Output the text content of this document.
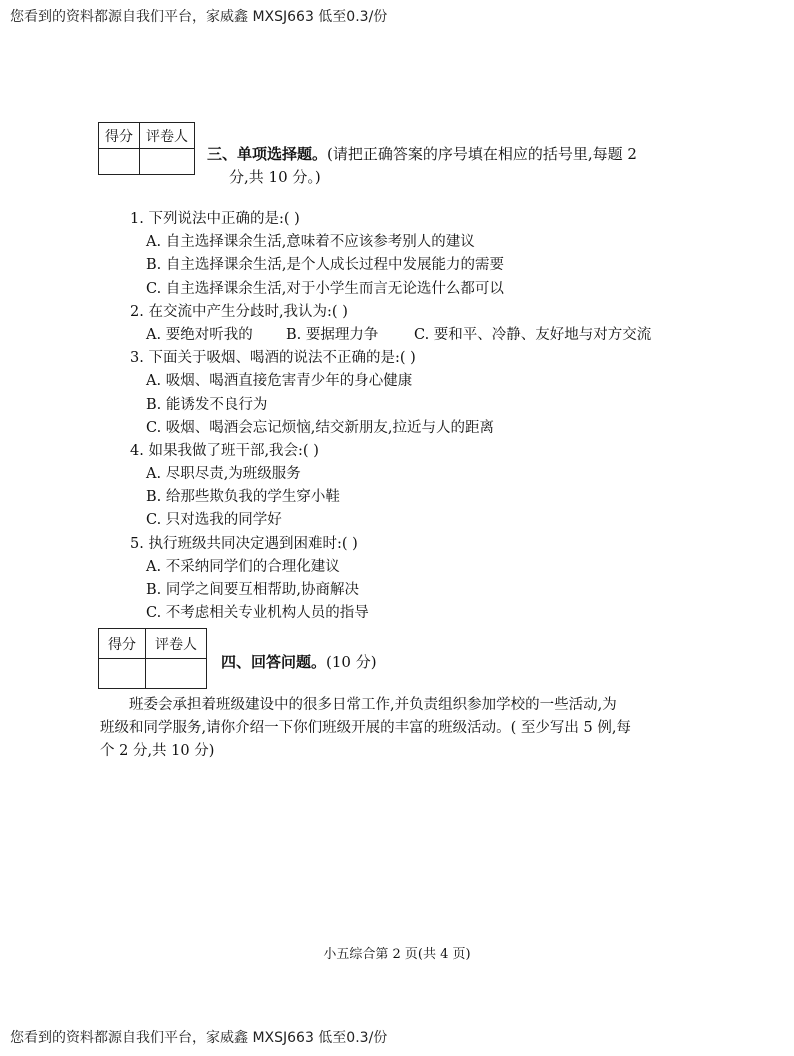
您看到的资料都源自我们平台，家威鑫 MXSJ663 低至0.3/份
得分	评卷人

三、单项选择题。(请把正确答案的序号填在相应的括号里,每题 2
分,共 10 分。)
1. 下列说法中正确的是:( )
A. 自主选择课余生活,意味着不应该参考别人的建议
B. 自主选择课余生活,是个人成长过程中发展能力的需要
C. 自主选择课余生活,对于小学生而言无论选什么都可以
2. 在交流中产生分歧时,我认为:( )
A. 要绝对听我的 B. 要据理力争 C. 要和平、冷静、友好地与对方交流
3. 下面关于吸烟、喝酒的说法不正确的是:( )
A. 吸烟、喝酒直接危害青少年的身心健康
B. 能诱发不良行为
C. 吸烟、喝酒会忘记烦恼,结交新朋友,拉近与人的距离
4. 如果我做了班干部,我会:( )
A. 尽职尽责,为班级服务
B. 给那些欺负我的学生穿小鞋
C. 只对选我的同学好
5. 执行班级共同决定遇到困难时:( )
A. 不采纳同学们的合理化建议
B. 同学之间要互相帮助,协商解决
C. 不考虑相关专业机构人员的指导
得分	评卷人

四、回答问题。(10 分)
班委会承担着班级建设中的很多日常工作,并负责组织参加学校的一些活动,为
班级和同学服务,请你介绍一下你们班级开展的丰富的班级活动。( 至少写出 5 例,每
个 2 分,共 10 分)
小五综合第 2 页(共 4 页)
您看到的资料都源自我们平台，家威鑫 MXSJ663 低至0.3/份
